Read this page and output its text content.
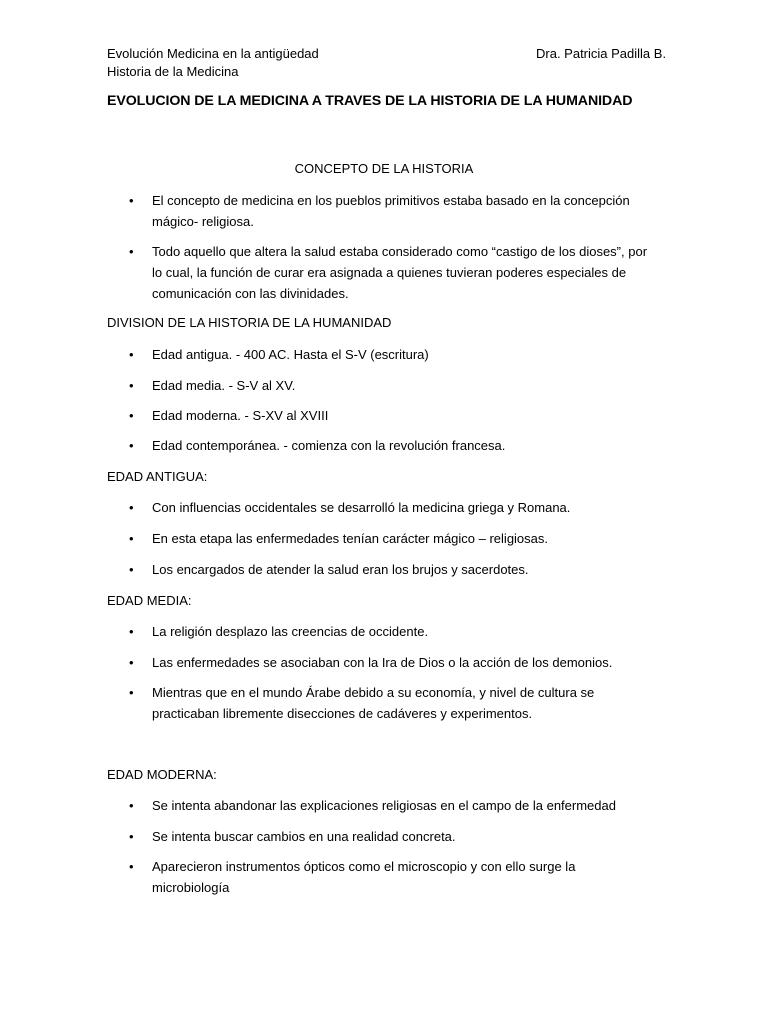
Evolución Medicina en la antigüedad
Historia de la Medicina
Dra. Patricia Padilla B.
EVOLUCION DE LA MEDICINA A TRAVES DE LA HISTORIA DE LA HUMANIDAD
CONCEPTO DE LA HISTORIA
• El concepto de medicina en los pueblos primitivos estaba basado en la concepción mágico- religiosa.
• Todo aquello que altera la salud estaba considerado como “castigo de los dioses”, por lo cual, la función de curar era asignada a quienes tuvieran poderes especiales de comunicación con las divinidades.
DIVISION DE LA HISTORIA DE LA HUMANIDAD
• Edad antigua. - 400 AC. Hasta el S-V (escritura)
• Edad media. - S-V al XV.
• Edad moderna. - S-XV al XVIII
• Edad contemporánea. - comienza con la revolución francesa.
EDAD ANTIGUA:
• Con influencias occidentales se desarrolló la medicina griega y Romana.
• En esta etapa las enfermedades tenían carácter mágico – religiosas.
• Los encargados de atender la salud eran los brujos y sacerdotes.
EDAD MEDIA:
• La religión desplazo las creencias de occidente.
• Las enfermedades se asociaban con la Ira de Dios o la acción de los demonios.
• Mientras que en el mundo Árabe debido a su economía, y nivel de cultura se practicaban libremente disecciones de cadáveres y experimentos.
EDAD MODERNA:
• Se intenta abandonar las explicaciones religiosas en el campo de la enfermedad
• Se intenta buscar cambios en una realidad concreta.
• Aparecieron instrumentos ópticos como el microscopio y con ello surge la microbiología
